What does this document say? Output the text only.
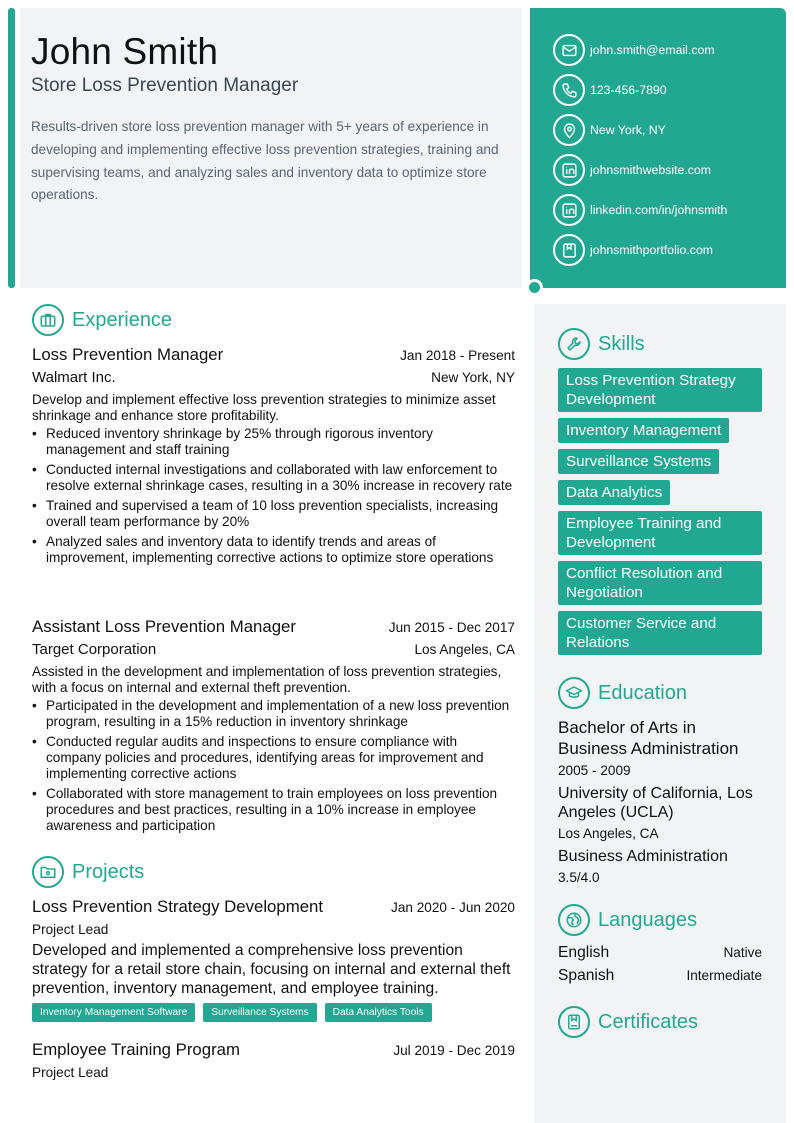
John Smith
Store Loss Prevention Manager
Results-driven store loss prevention manager with 5+ years of experience in developing and implementing effective loss prevention strategies, training and supervising teams, and analyzing sales and inventory data to optimize store operations.
john.smith@email.com
123-456-7890
New York, NY
johnsmithwebsite.com
linkedin.com/in/johnsmith
johnsmithportfolio.com
Experience
Loss Prevention Manager	Jan 2018 - Present
Walmart Inc.	New York, NY
Develop and implement effective loss prevention strategies to minimize asset shrinkage and enhance store profitability.
• Reduced inventory shrinkage by 25% through rigorous inventory management and staff training
• Conducted internal investigations and collaborated with law enforcement to resolve external shrinkage cases, resulting in a 30% increase in recovery rate
• Trained and supervised a team of 10 loss prevention specialists, increasing overall team performance by 20%
• Analyzed sales and inventory data to identify trends and areas of improvement, implementing corrective actions to optimize store operations
Assistant Loss Prevention Manager	Jun 2015 - Dec 2017
Target Corporation	Los Angeles, CA
Assisted in the development and implementation of loss prevention strategies, with a focus on internal and external theft prevention.
• Participated in the development and implementation of a new loss prevention program, resulting in a 15% reduction in inventory shrinkage
• Conducted regular audits and inspections to ensure compliance with company policies and procedures, identifying areas for improvement and implementing corrective actions
• Collaborated with store management to train employees on loss prevention procedures and best practices, resulting in a 10% increase in employee awareness and participation
Projects
Loss Prevention Strategy Development	Jan 2020 - Jun 2020
Project Lead
Developed and implemented a comprehensive loss prevention strategy for a retail store chain, focusing on internal and external theft prevention, inventory management, and employee training.
Inventory Management Software	Surveillance Systems	Data Analytics Tools
Employee Training Program	Jul 2019 - Dec 2019
Project Lead
Skills
Loss Prevention Strategy Development Inventory Management Surveillance Systems Data Analytics Employee Training and Development Conflict Resolution and Negotiation Customer Service and Relations
Education
Bachelor of Arts in Business Administration
2005 - 2009
University of California, Los Angeles (UCLA)
Los Angeles, CA
Business Administration
3.5/4.0
Languages
English	Native
Spanish	Intermediate
Certificates
